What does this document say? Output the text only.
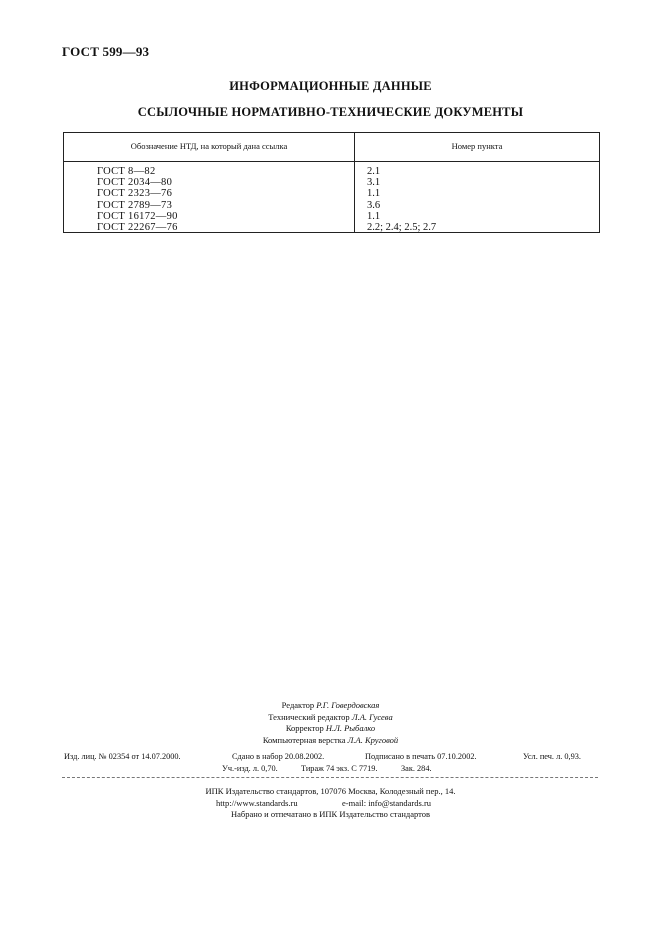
ГОСТ 599—93
ИНФОРМАЦИОННЫЕ ДАННЫЕ
ССЫЛОЧНЫЕ НОРМАТИВНО-ТЕХНИЧЕСКИЕ ДОКУМЕНТЫ
Обозначение НТД, на который дана ссылка	Номер пункта
ГОСТ 8—82	2.1
ГОСТ 2034—80	3.1
ГОСТ 2323—76	1.1
ГОСТ 2789—73	3.6
ГОСТ 16172—90	1.1
ГОСТ 22267—76	2.2; 2.4; 2.5; 2.7
Редактор Р.Г. Говердовская
Технический редактор Л.А. Гусева
Корректор Н.Л. Рыбалко
Компьютерная верстка Л.А. Круговой
Изд. лиц. № 02354 от 14.07.2000.	Сдано в набор 20.08.2002.	Подписано в печать 07.10.2002.	Усл. печ. л. 0,93.
Уч.-изд. л. 0,70.	Тираж 74 экз. С 7719.	Зак. 284.
ИПК Издательство стандартов, 107076 Москва, Колодезный пер., 14.
http://www.standards.ru	e-mail: info@standards.ru
Набрано и отпечатано в ИПК Издательство стандартов
